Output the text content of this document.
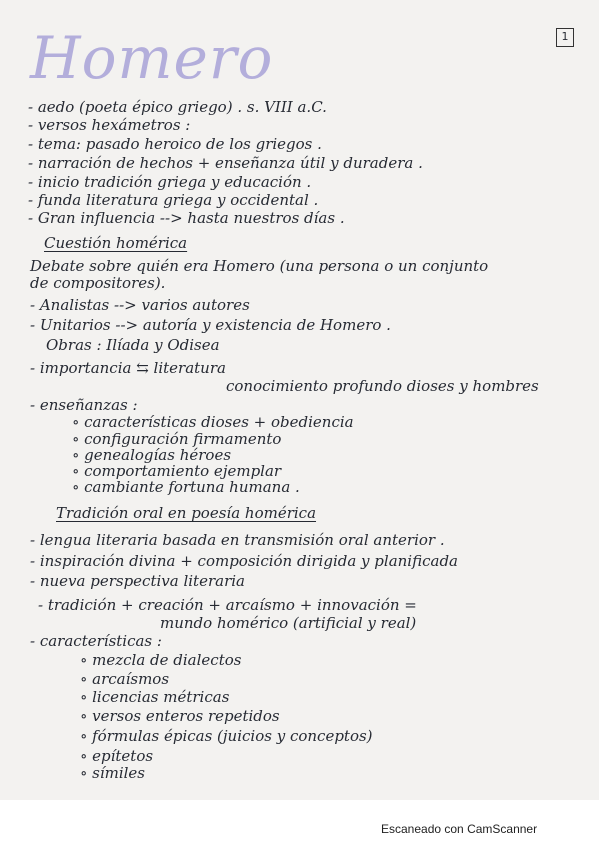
Homero	1
- aedo (poeta épico griego) . s. VIII a.C.
- versos hexámetros :
- tema: pasado heroico de los griegos .
- narración de hechos + enseñanza útil y duradera .
- inicio tradición griega y educación .
- funda literatura griega y occidental .
- Gran influencia --> hasta nuestros días .
Cuestión homérica
Debate sobre quién era Homero (una persona o un conjunto
de compositores).
- Analistas --> varios autores
- Unitarios --> autoría y existencia de Homero .
Obras : Ilíada y Odisea
- importancia ⇆ literatura
conocimiento profundo dioses y hombres
- enseñanzas :
∘ características dioses + obediencia
∘ configuración firmamento
∘ genealogías héroes
∘ comportamiento ejemplar
∘ cambiante fortuna humana .
Tradición oral en poesía homérica
- lengua literaria basada en transmisión oral anterior .
- inspiración divina + composición dirigida y planificada
- nueva perspectiva literaria
- tradición + creación + arcaísmo + innovación =
mundo homérico (artificial y real)
- características :
∘ mezcla de dialectos
∘ arcaísmos
∘ licencias métricas
∘ versos enteros repetidos
∘ fórmulas épicas (juicios y conceptos)
∘ epítetos
∘ símiles
Escaneado con CamScanner
